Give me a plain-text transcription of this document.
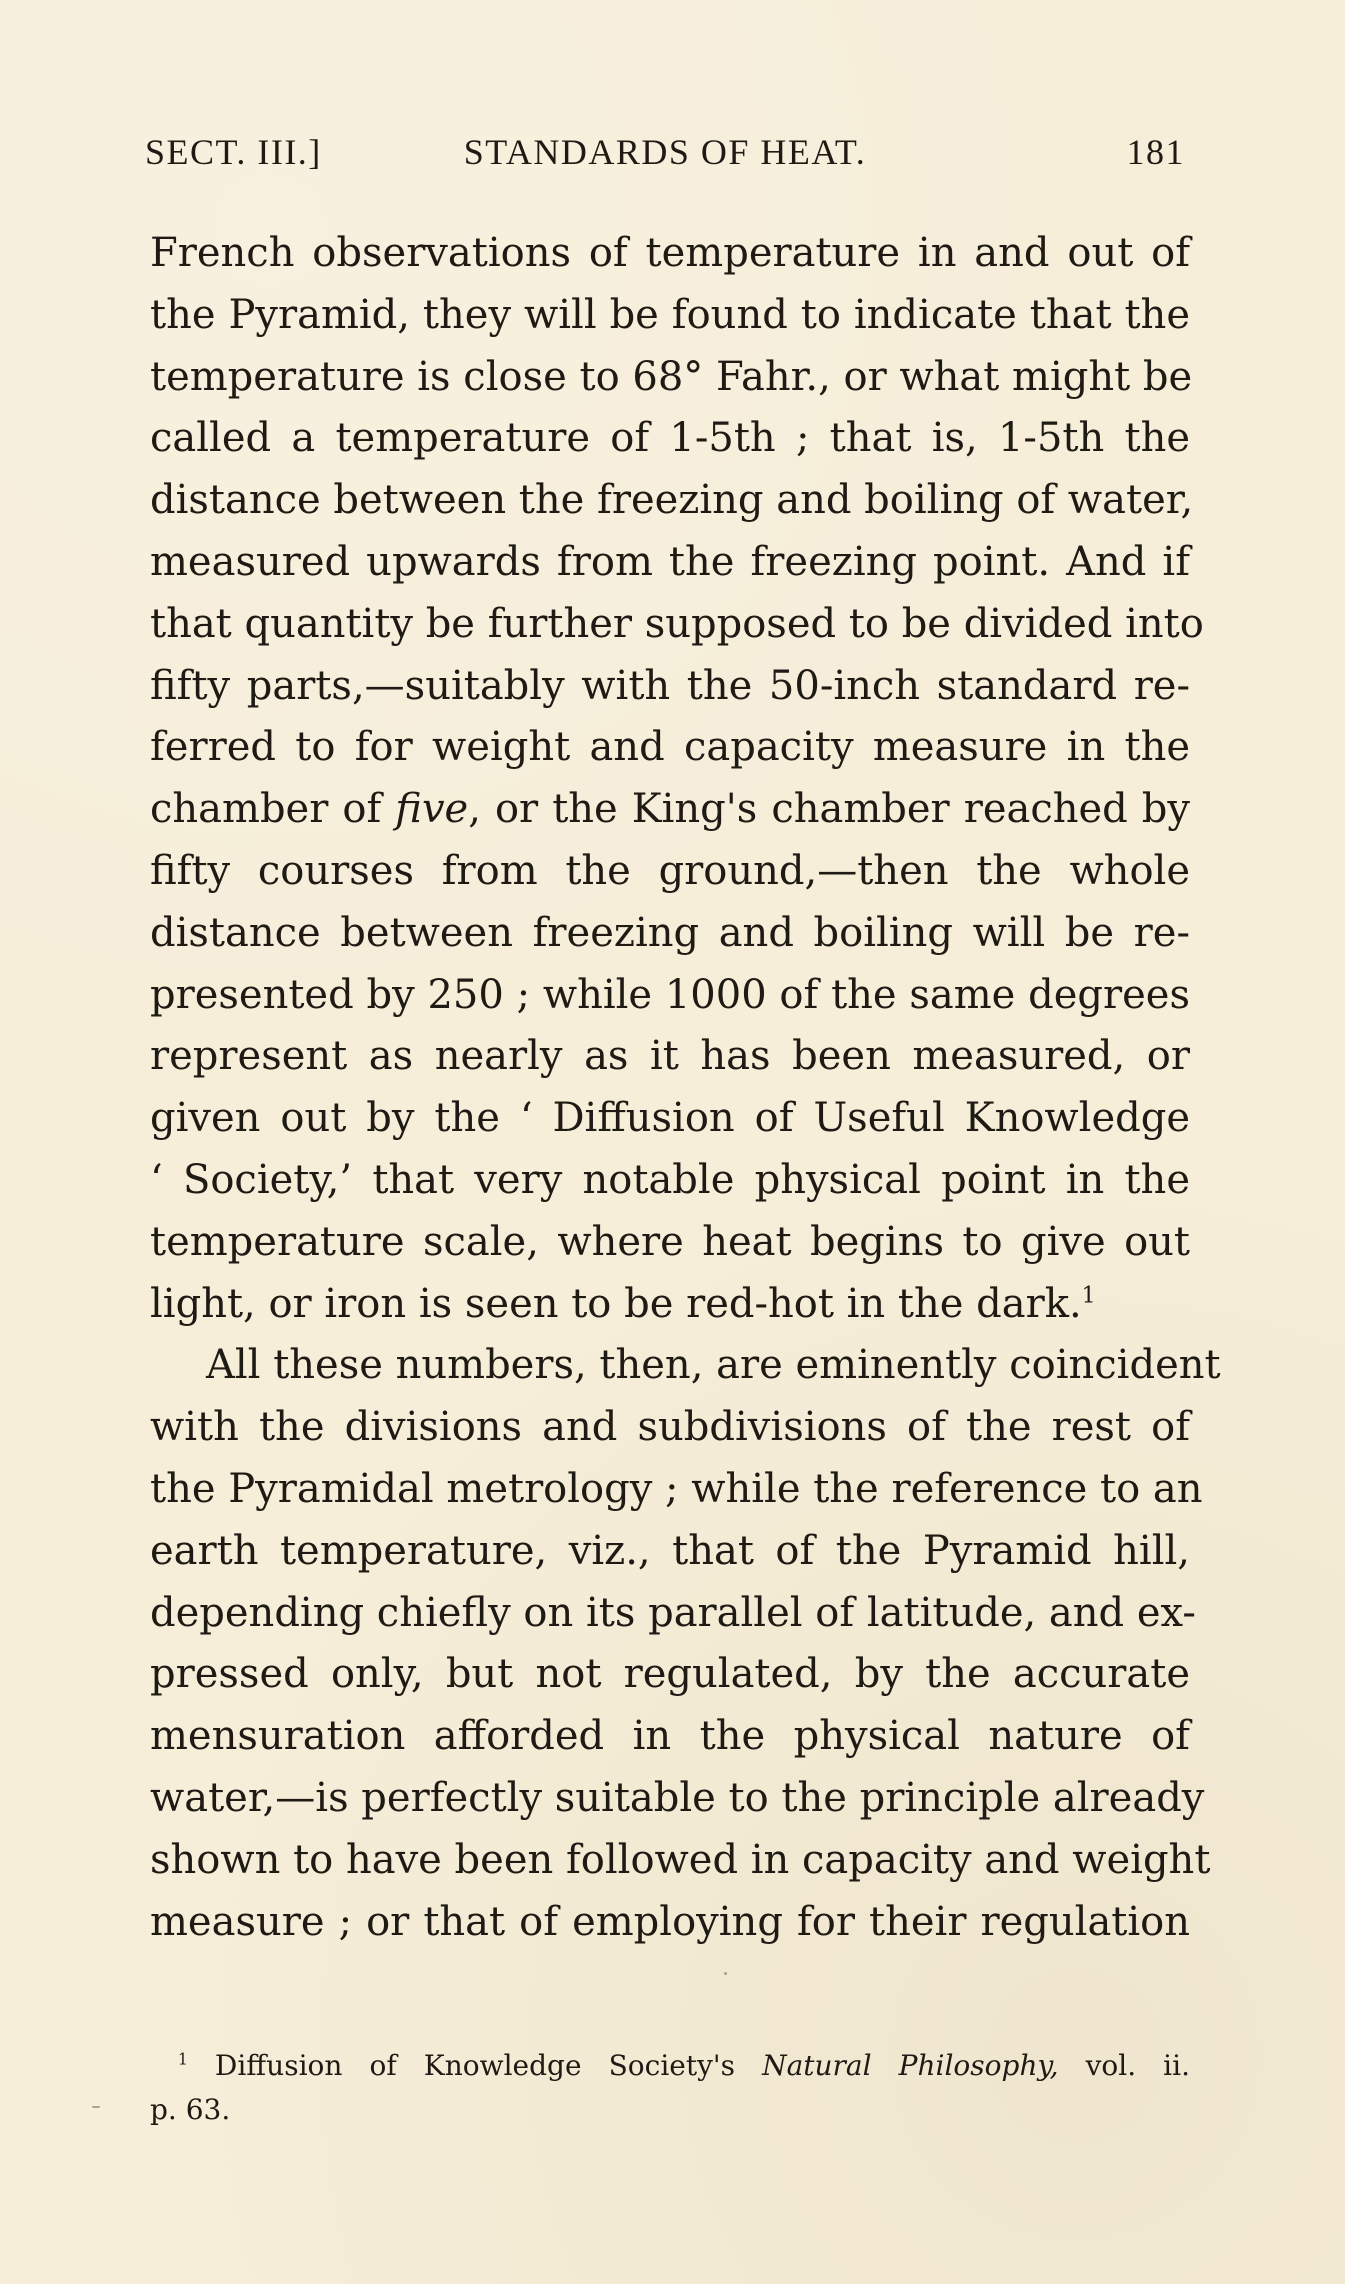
SECT. III.]	STANDARDS OF HEAT.	181
French observations of temperature in and out of
the Pyramid, they will be found to indicate that the
temperature is close to 68° Fahr., or what might be
called a temperature of 1-5th ; that is, 1-5th the
distance between the freezing and boiling of water,
measured upwards from the freezing point. And if
that quantity be further supposed to be divided into
fifty parts,—suitably with the 50-inch standard re-
ferred to for weight and capacity measure in the
chamber of five, or the King's chamber reached by
fifty courses from the ground,—then the whole
distance between freezing and boiling will be re-
presented by 250 ; while 1000 of the same degrees
represent as nearly as it has been measured, or
given out by the ‘ Diffusion of Useful Knowledge
‘ Society,’ that very notable physical point in the
temperature scale, where heat begins to give out
light, or iron is seen to be red-hot in the dark.$^1$
All these numbers, then, are eminently coincident
with the divisions and subdivisions of the rest of
the Pyramidal metrology ; while the reference to an
earth temperature, viz., that of the Pyramid hill,
depending chiefly on its parallel of latitude, and ex-
pressed only, but not regulated, by the accurate
mensuration afforded in the physical nature of
water,—is perfectly suitable to the principle already
shown to have been followed in capacity and weight
measure ; or that of employing for their regulation
$^1$ Diffusion of Knowledge Society's Natural Philosophy, vol. ii.
p. 63.
